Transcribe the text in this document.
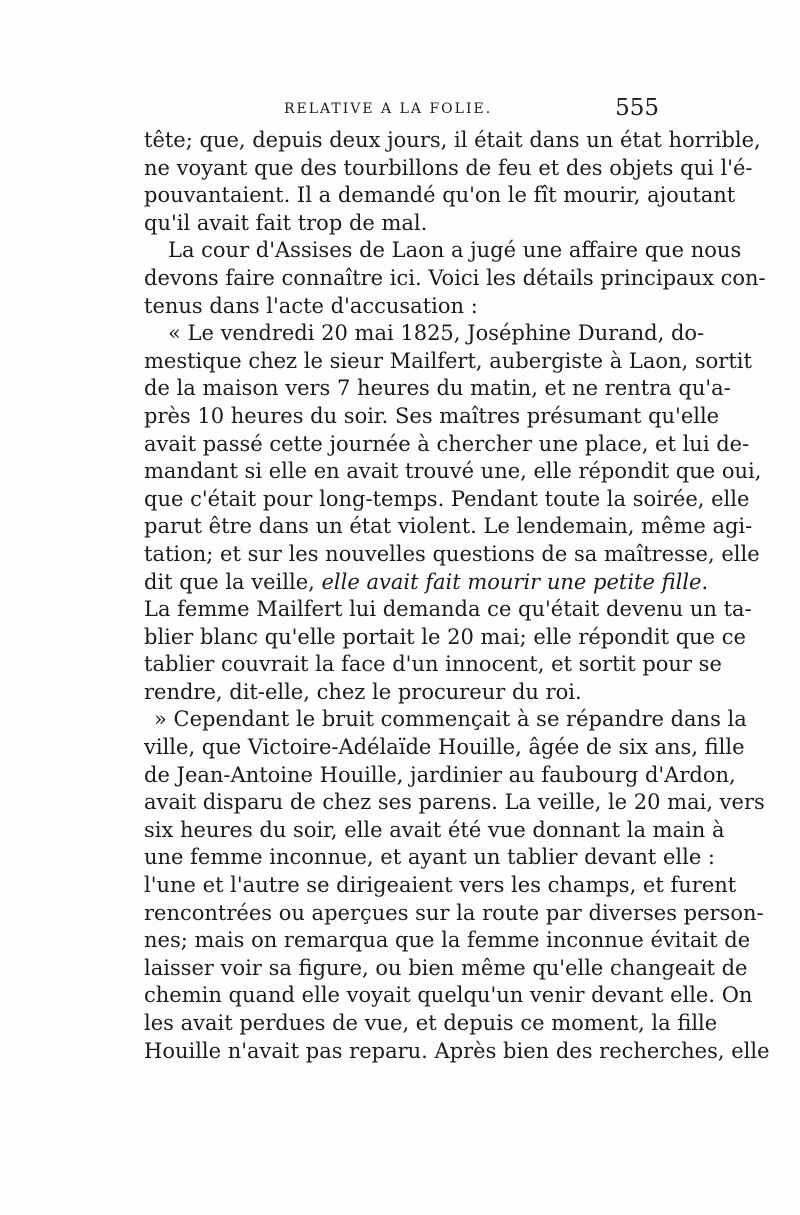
RELATIVE A LA FOLIE.	555
tête; que, depuis deux jours, il était dans un état horrible,
ne voyant que des tourbillons de feu et des objets qui l'é-
pouvantaient. Il a demandé qu'on le fît mourir, ajoutant
qu'il avait fait trop de mal.
La cour d'Assises de Laon a jugé une affaire que nous
devons faire connaître ici. Voici les détails principaux con-
tenus dans l'acte d'accusation :
« Le vendredi 20 mai 1825, Joséphine Durand, do-
mestique chez le sieur Mailfert, aubergiste à Laon, sortit
de la maison vers 7 heures du matin, et ne rentra qu'a-
près 10 heures du soir. Ses maîtres présumant qu'elle
avait passé cette journée à chercher une place, et lui de-
mandant si elle en avait trouvé une, elle répondit que oui,
que c'était pour long-temps. Pendant toute la soirée, elle
parut être dans un état violent. Le lendemain, même agi-
tation; et sur les nouvelles questions de sa maîtresse, elle
dit que la veille, elle avait fait mourir une petite fille.
La femme Mailfert lui demanda ce qu'était devenu un ta-
blier blanc qu'elle portait le 20 mai; elle répondit que ce
tablier couvrait la face d'un innocent, et sortit pour se
rendre, dit-elle, chez le procureur du roi.
» Cependant le bruit commençait à se répandre dans la
ville, que Victoire-Adélaïde Houille, âgée de six ans, fille
de Jean-Antoine Houille, jardinier au faubourg d'Ardon,
avait disparu de chez ses parens. La veille, le 20 mai, vers
six heures du soir, elle avait été vue donnant la main à
une femme inconnue, et ayant un tablier devant elle :
l'une et l'autre se dirigeaient vers les champs, et furent
rencontrées ou aperçues sur la route par diverses person-
nes; mais on remarqua que la femme inconnue évitait de
laisser voir sa figure, ou bien même qu'elle changeait de
chemin quand elle voyait quelqu'un venir devant elle. On
les avait perdues de vue, et depuis ce moment, la fille
Houille n'avait pas reparu. Après bien des recherches, elle
